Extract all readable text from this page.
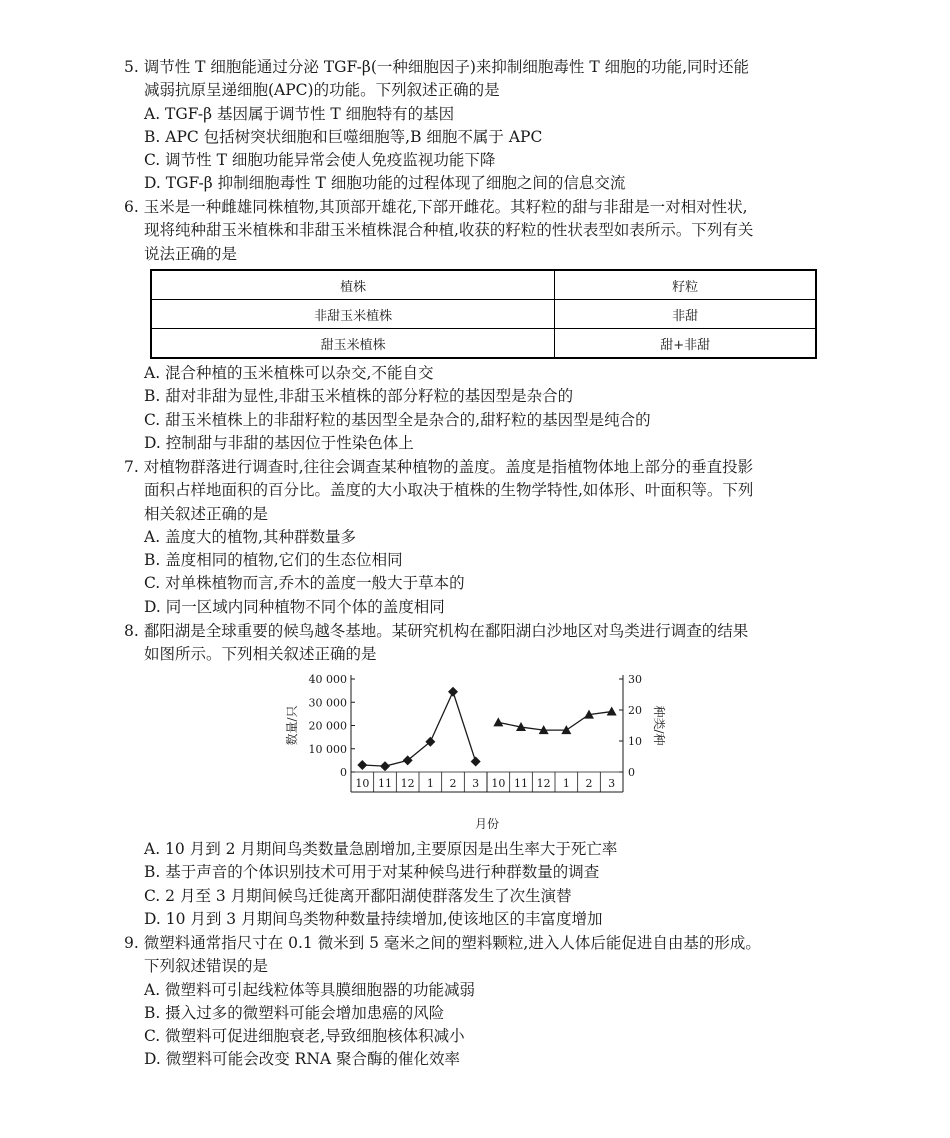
5. 调节性 T 细胞能通过分泌 TGF-β(一种细胞因子)来抑制细胞毒性 T 细胞的功能,同时还能
减弱抗原呈递细胞(APC)的功能。下列叙述正确的是
A. TGF-β 基因属于调节性 T 细胞特有的基因
B. APC 包括树突状细胞和巨噬细胞等,B 细胞不属于 APC
C. 调节性 T 细胞功能异常会使人免疫监视功能下降
D. TGF-β 抑制细胞毒性 T 细胞功能的过程体现了细胞之间的信息交流
6. 玉米是一种雌雄同株植物,其顶部开雄花,下部开雌花。其籽粒的甜与非甜是一对相对性状,
现将纯种甜玉米植株和非甜玉米植株混合种植,收获的籽粒的性状表型如表所示。下列有关
说法正确的是
植株	籽粒
非甜玉米植株	非甜
甜玉米植株	甜+非甜
A. 混合种植的玉米植株可以杂交,不能自交
B. 甜对非甜为显性,非甜玉米植株的部分籽粒的基因型是杂合的
C. 甜玉米植株上的非甜籽粒的基因型全是杂合的,甜籽粒的基因型是纯合的
D. 控制甜与非甜的基因位于性染色体上
7. 对植物群落进行调查时,往往会调查某种植物的盖度。盖度是指植物体地上部分的垂直投影
面积占样地面积的百分比。盖度的大小取决于植株的生物学特性,如体形、叶面积等。下列
相关叙述正确的是
A. 盖度大的植物,其种群数量多
B. 盖度相同的植物,它们的生态位相同
C. 对单株植物而言,乔木的盖度一般大于草本的
D. 同一区域内同种植物不同个体的盖度相同
8. 鄱阳湖是全球重要的候鸟越冬基地。某研究机构在鄱阳湖白沙地区对鸟类进行调查的结果
如图所示。下列相关叙述正确的是
0
10 000
20 000
30 000
40 000
0
10
20
30
10 11 12 1 2 3 10 11 12 1 2 3
月份
数量/只	种类/种
A. 10 月到 2 月期间鸟类数量急剧增加,主要原因是出生率大于死亡率
B. 基于声音的个体识别技术可用于对某种候鸟进行种群数量的调查
C. 2 月至 3 月期间候鸟迁徙离开鄱阳湖使群落发生了次生演替
D. 10 月到 3 月期间鸟类物种数量持续增加,使该地区的丰富度增加
9. 微塑料通常指尺寸在 0.1 微米到 5 毫米之间的塑料颗粒,进入人体后能促进自由基的形成。
下列叙述错误的是
A. 微塑料可引起线粒体等具膜细胞器的功能减弱
B. 摄入过多的微塑料可能会增加患癌的风险
C. 微塑料可促进细胞衰老,导致细胞核体积减小
D. 微塑料可能会改变 RNA 聚合酶的催化效率
